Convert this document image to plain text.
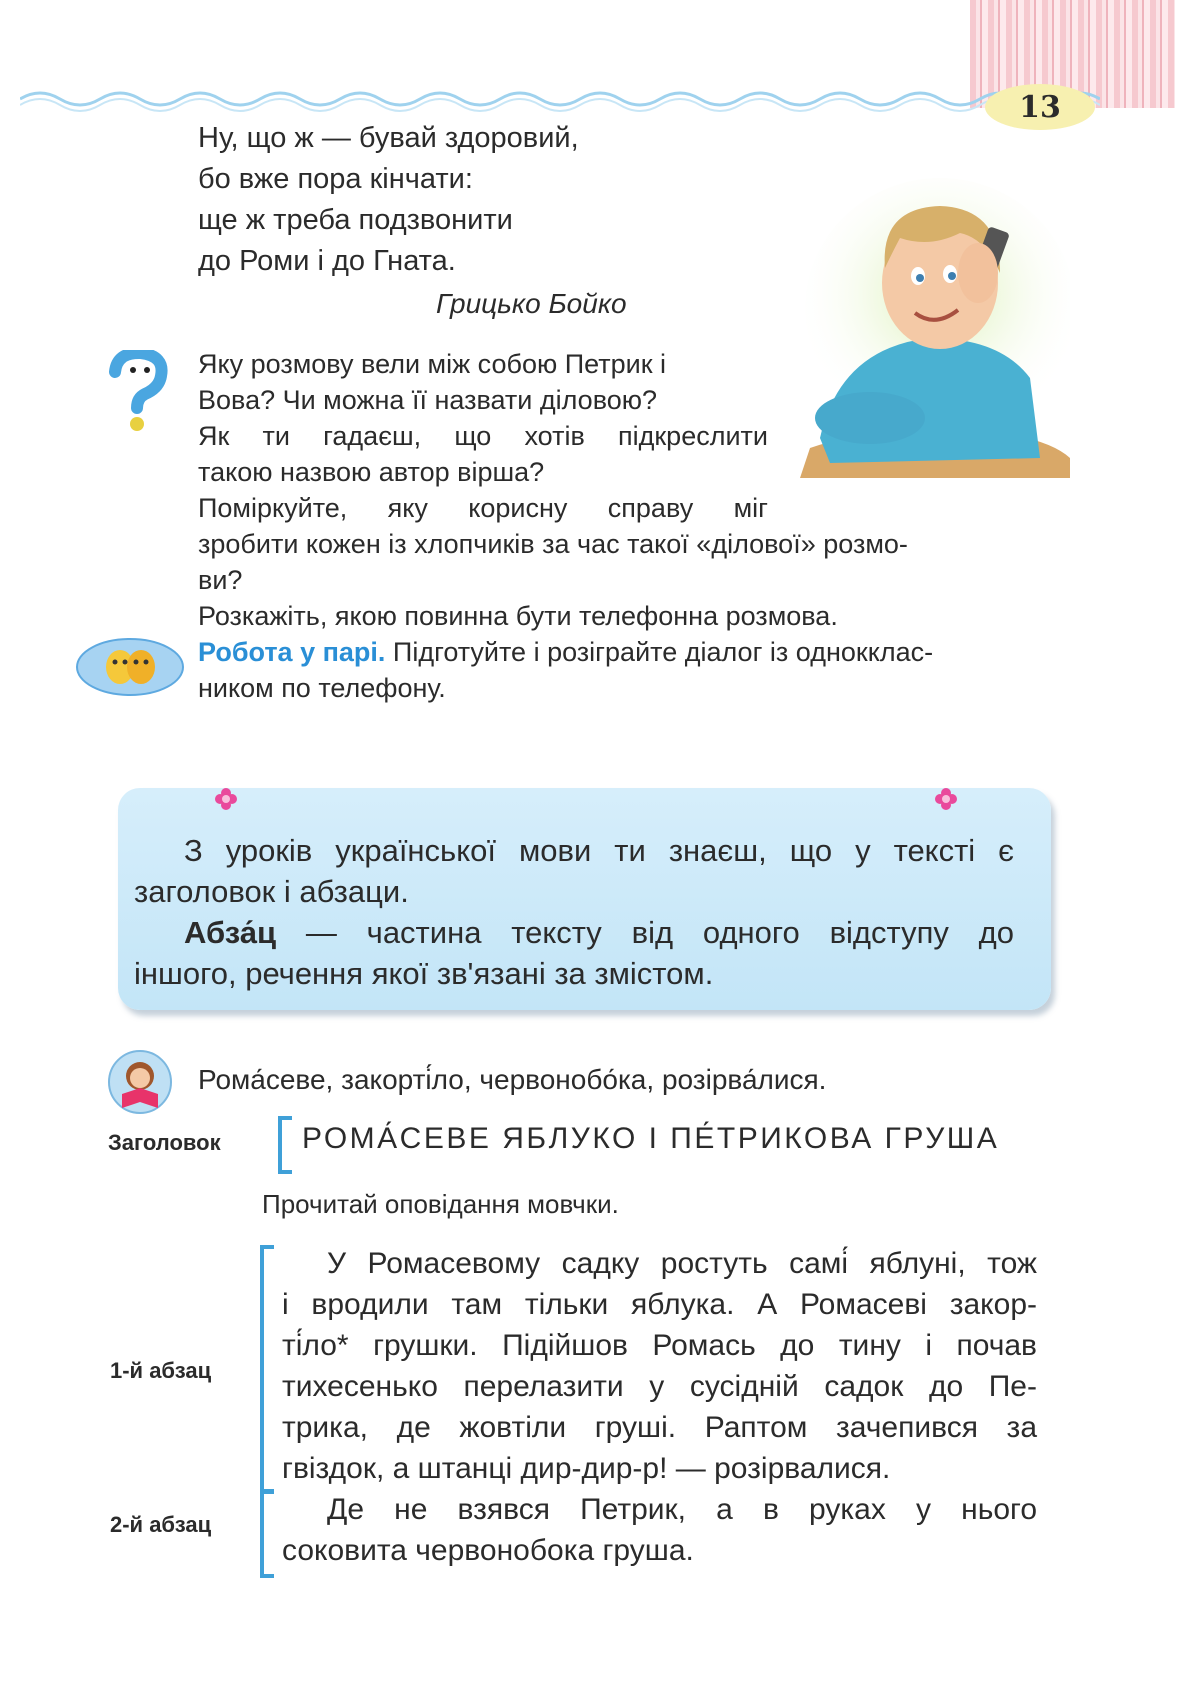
13
Ну, що ж — бувай здоровий,
бо вже пора кінчати:
ще ж треба подзвонити
до Роми і до Гната.
Грицько Бойко
Яку розмову вели між собою Петрик і
Вова? Чи можна її назвати діловою?
Як ти гадаєш, що хотів підкреслити
такою назвою автор вірша?
Поміркуйте, яку корисну справу міг
зробити кожен із хлопчиків за час такої «ділової» розмо-
ви?
Розкажіть, якою повинна бути телефонна розмова.
Робота у парі. Підготуйте і розіграйте діалог із однокклас-
ником по телефону.
З уроків української мови ти знаєш, що у тексті є
заголовок і абзаци.
Абза́ц — частина тексту від одного відступу до
іншого, речення якої зв'язані за змістом.
Рома́севе, закорті́ло, червонобо́ка, розірва́лися.
Заголовок	РОМА́СЕВЕ ЯБЛУКО І ПЕ́ТРИКОВА ГРУША
Прочитай оповідання мовчки.
1-й абзац
У Ромасевому садку ростуть самі́ яблуні, тож
і вродили там тільки яблука. А Ромасеві закор-
ті́ло* грушки. Підійшов Ромась до тину і почав
тихесенько перелазити у сусідній садок до Пе-
трика, де жовтіли груші. Раптом зачепився за
гвіздок, а штанці дир-дир-р! — розірвалися.
2-й абзац	Де не взявся Петрик, а в руках у нього
соковита червонобока груша.
